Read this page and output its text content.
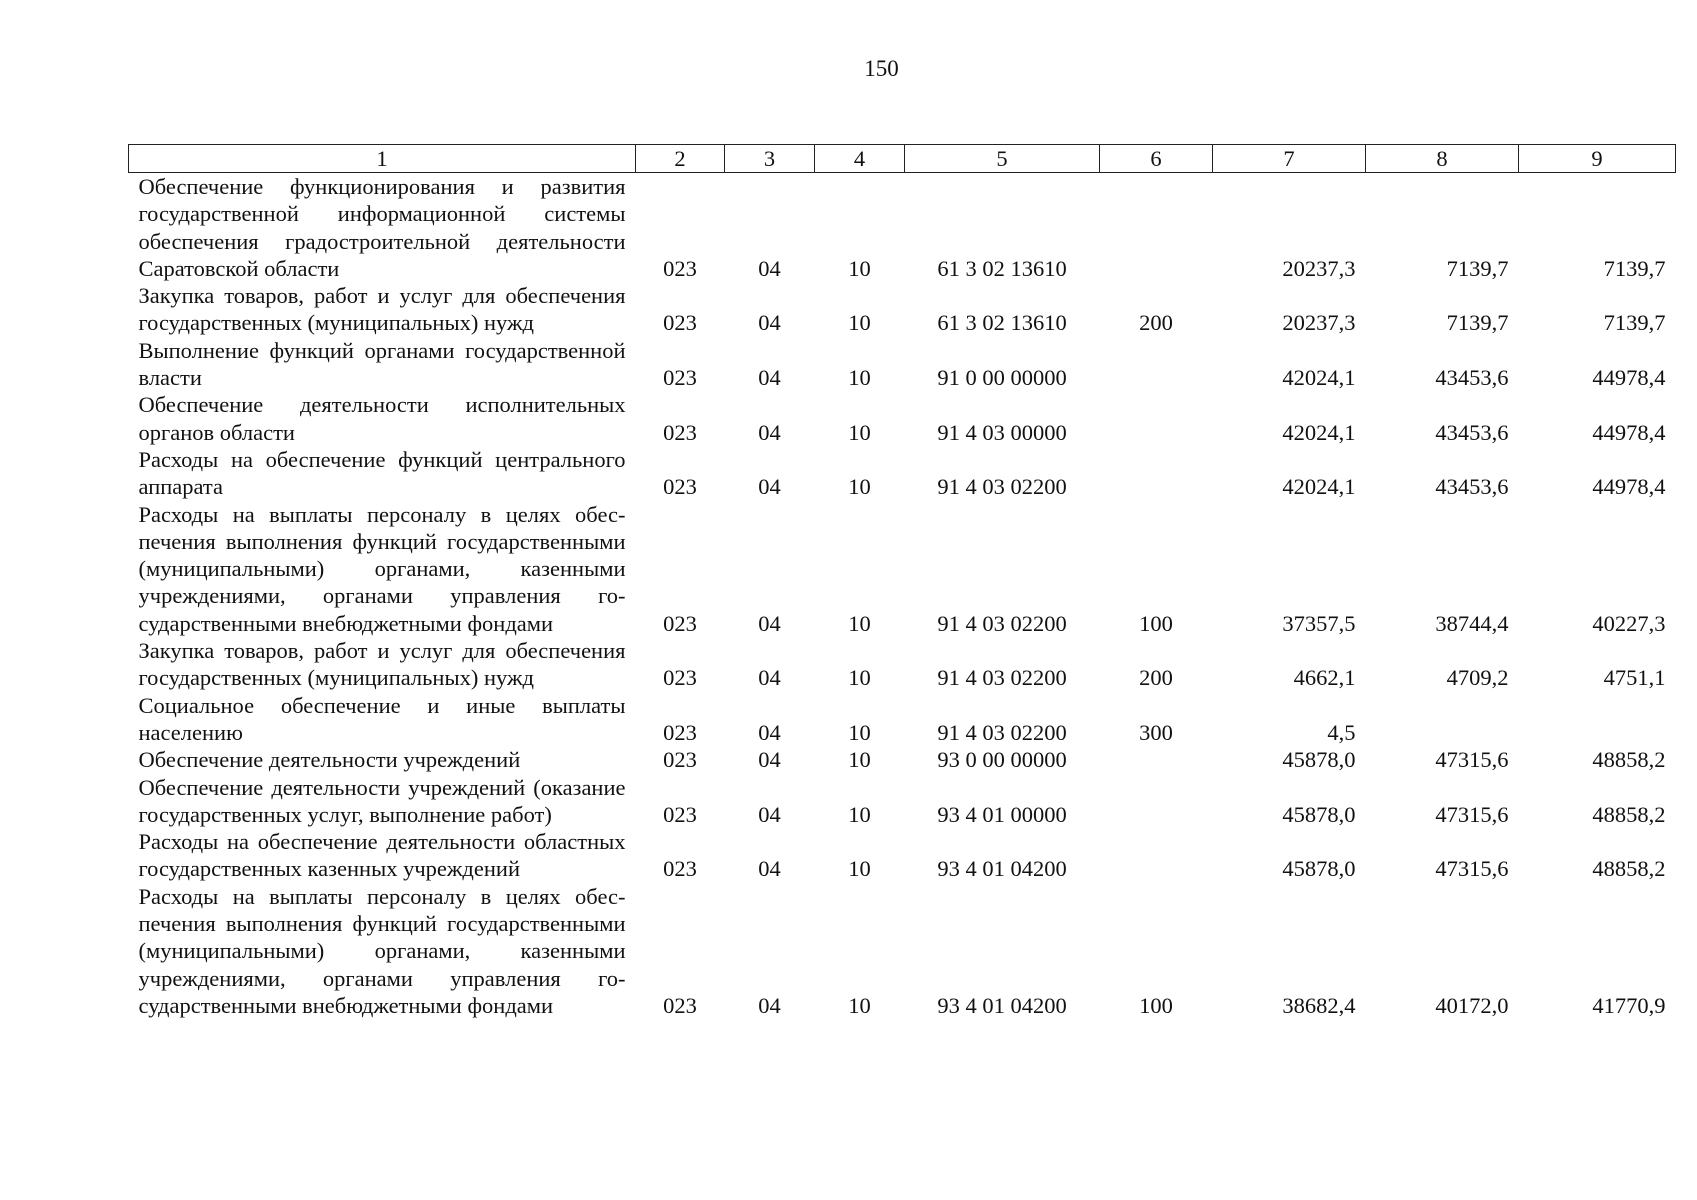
150
1	2	3	4	5	6	7	8	9
Обеспечение функционирования и развития государственной информационной системы обеспечения градостроительной деятельности Саратовской области	023	04	10	61 3 02 13610		20237,3	7139,7	7139,7
Закупка товаров, работ и услуг для обеспечения государственных (муниципальных) нужд	023	04	10	61 3 02 13610	200	20237,3	7139,7	7139,7
Выполнение функций органами государственной власти	023	04	10	91 0 00 00000		42024,1	43453,6	44978,4
Обеспечение деятельности исполнительных органов области	023	04	10	91 4 03 00000		42024,1	43453,6	44978,4
Расходы на обеспечение функций центрального аппарата	023	04	10	91 4 03 02200		42024,1	43453,6	44978,4
Расходы на выплаты персоналу в целях обеспечения выполнения функций государственными (муниципальными) органами, казенными учреждениями, органами управления государственными внебюджетными фондами	023	04	10	91 4 03 02200	100	37357,5	38744,4	40227,3
Закупка товаров, работ и услуг для обеспечения государственных (муниципальных) нужд	023	04	10	91 4 03 02200	200	4662,1	4709,2	4751,1
Социальное обеспечение и иные выплаты населению	023	04	10	91 4 03 02200	300	4,5		
Обеспечение деятельности учреждений	023	04	10	93 0 00 00000		45878,0	47315,6	48858,2
Обеспечение деятельности учреждений (оказание государственных услуг, выполнение работ)	023	04	10	93 4 01 00000		45878,0	47315,6	48858,2
Расходы на обеспечение деятельности областных государственных казенных учреждений	023	04	10	93 4 01 04200		45878,0	47315,6	48858,2
Расходы на выплаты персоналу в целях обеспечения выполнения функций государственными (муниципальными) органами, казенными учреждениями, органами управления государственными внебюджетными фондами	023	04	10	93 4 01 04200	100	38682,4	40172,0	41770,9
